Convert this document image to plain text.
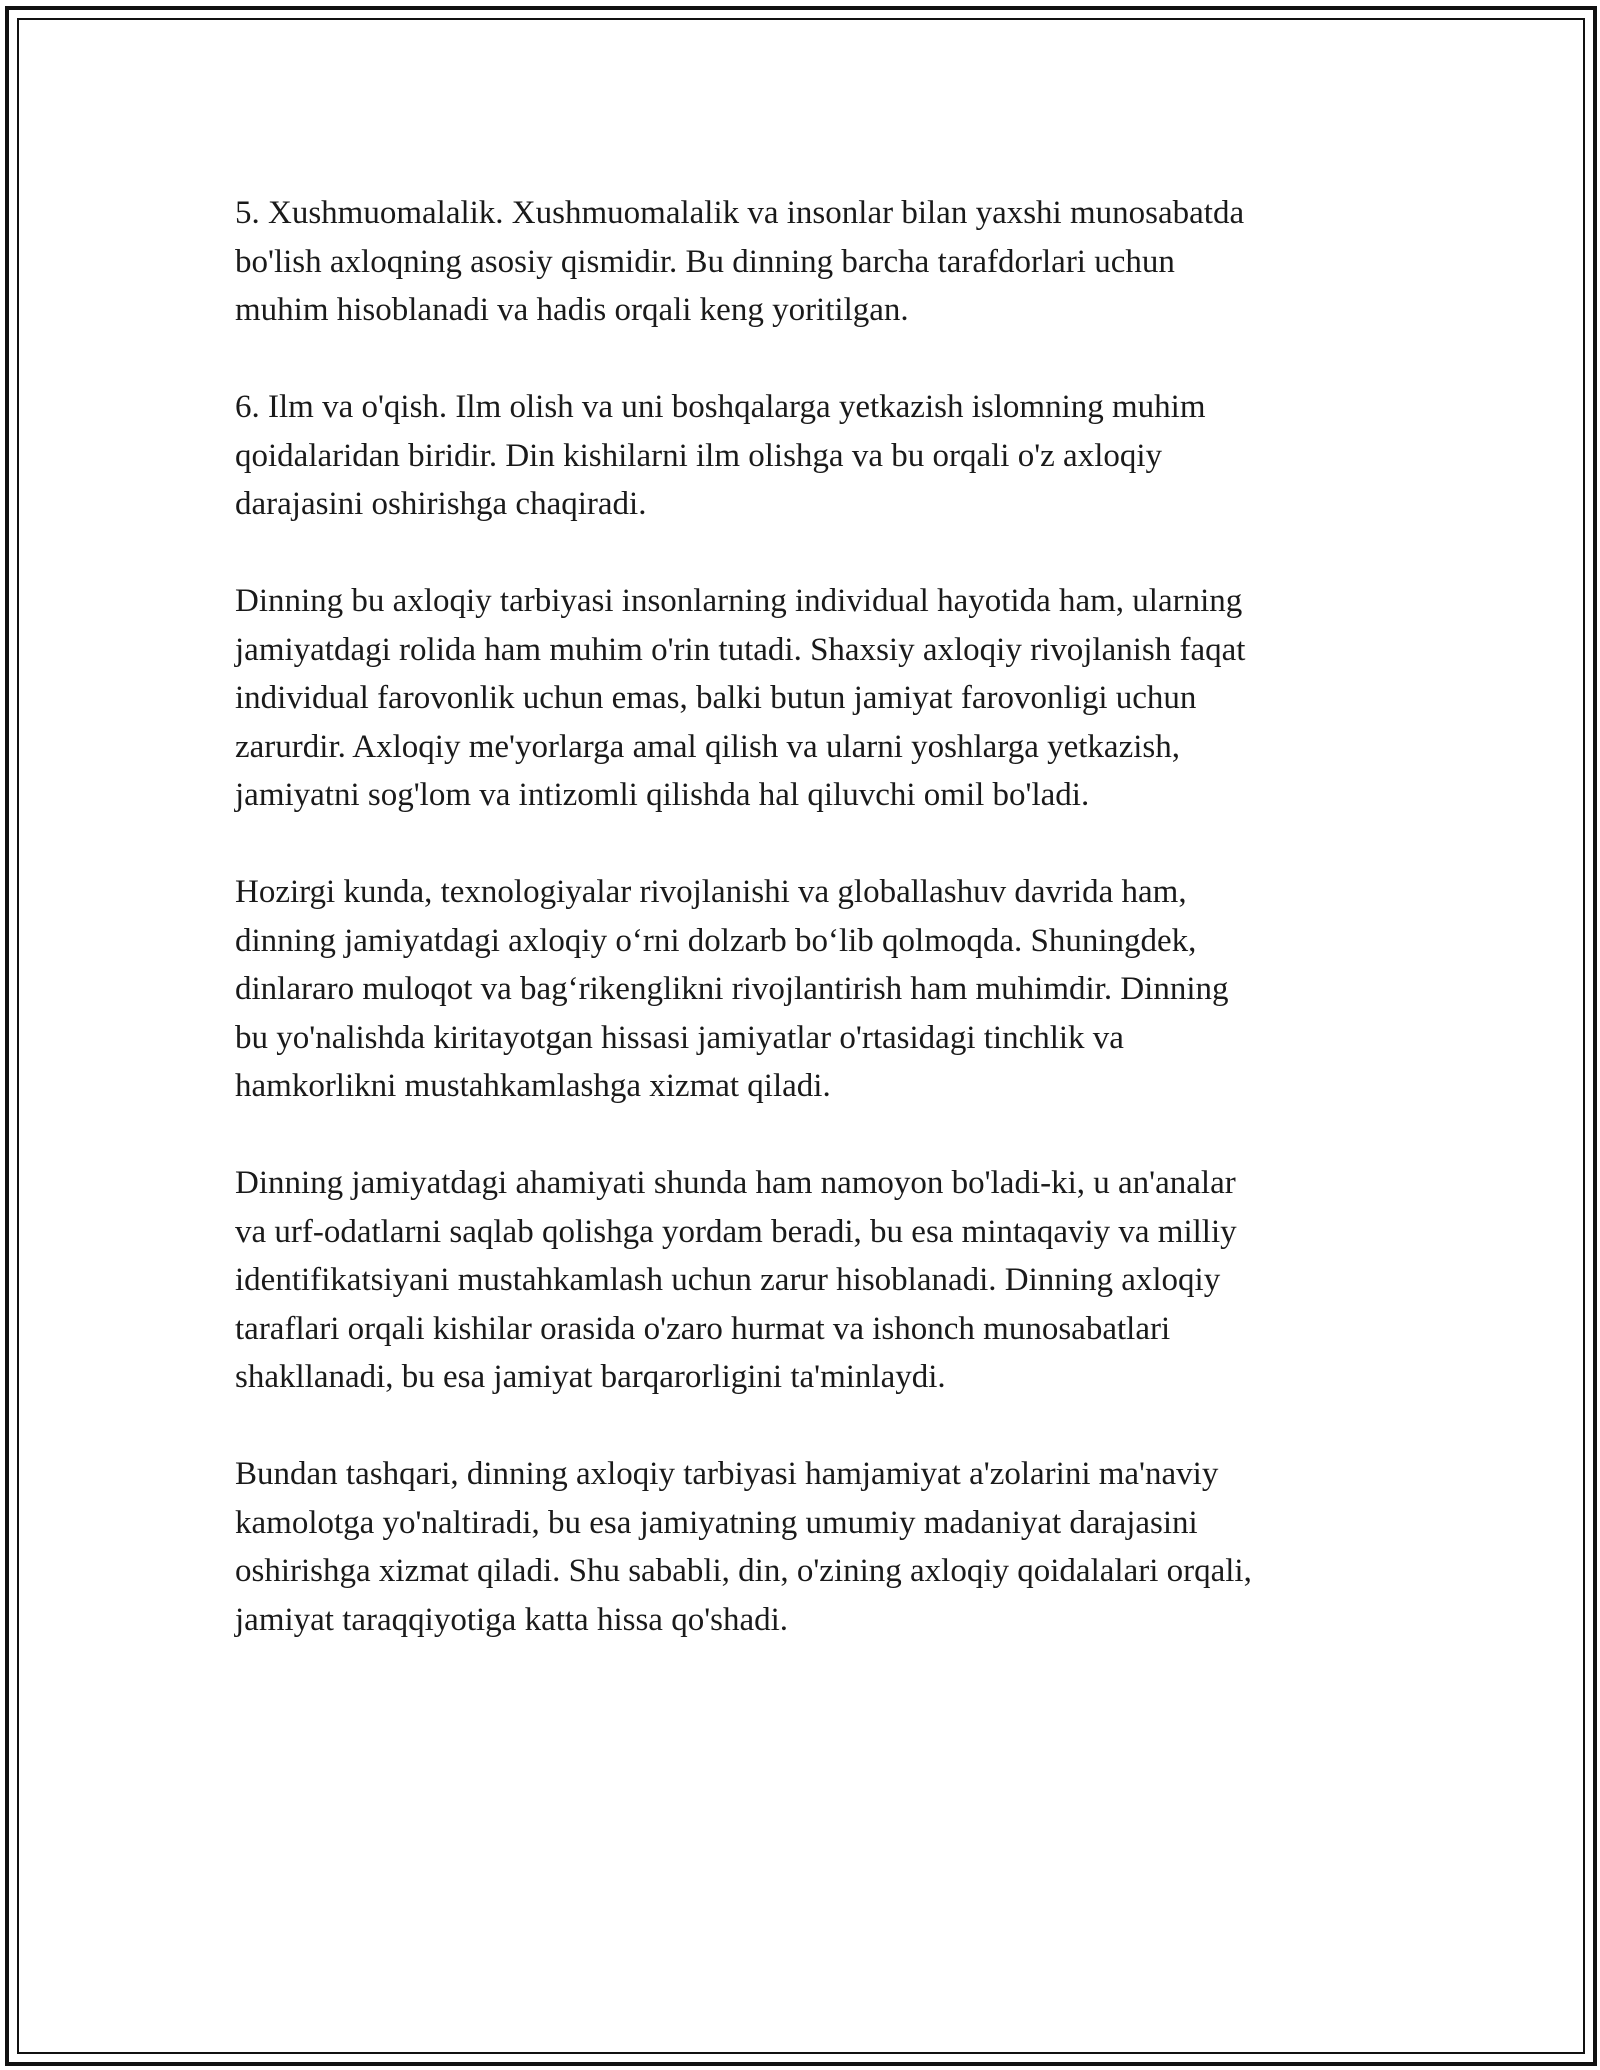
5. Xushmuomalalik. Xushmuomalalik va insonlar bilan yaxshi munosabatda
bo'lish axloqning asosiy qismidir. Bu dinning barcha tarafdorlari uchun
muhim hisoblanadi va hadis orqali keng yoritilgan.

6. Ilm va o'qish. Ilm olish va uni boshqalarga yetkazish islomning muhim
qoidalaridan biridir. Din kishilarni ilm olishga va bu orqali o'z axloqiy
darajasini oshirishga chaqiradi.

Dinning bu axloqiy tarbiyasi insonlarning individual hayotida ham, ularning
jamiyatdagi rolida ham muhim o'rin tutadi. Shaxsiy axloqiy rivojlanish faqat
individual farovonlik uchun emas, balki butun jamiyat farovonligi uchun
zarurdir. Axloqiy me'yorlarga amal qilish va ularni yoshlarga yetkazish,
jamiyatni sog'lom va intizomli qilishda hal qiluvchi omil bo'ladi.

Hozirgi kunda, texnologiyalar rivojlanishi va globallashuv davrida ham,
dinning jamiyatdagi axloqiy o‘rni dolzarb bo‘lib qolmoqda. Shuningdek,
dinlararo muloqot va bag‘rikenglikni rivojlantirish ham muhimdir. Dinning
bu yo'nalishda kiritayotgan hissasi jamiyatlar o'rtasidagi tinchlik va
hamkorlikni mustahkamlashga xizmat qiladi.

Dinning jamiyatdagi ahamiyati shunda ham namoyon bo'ladi-ki, u an'analar
va urf-odatlarni saqlab qolishga yordam beradi, bu esa mintaqaviy va milliy
identifikatsiyani mustahkamlash uchun zarur hisoblanadi. Dinning axloqiy
taraflari orqali kishilar orasida o'zaro hurmat va ishonch munosabatlari
shakllanadi, bu esa jamiyat barqarorligini ta'minlaydi.

Bundan tashqari, dinning axloqiy tarbiyasi hamjamiyat a'zolarini ma'naviy
kamolotga yo'naltiradi, bu esa jamiyatning umumiy madaniyat darajasini
oshirishga xizmat qiladi. Shu sababli, din, o'zining axloqiy qoidalalari orqali,
jamiyat taraqqiyotiga katta hissa qo'shadi.
